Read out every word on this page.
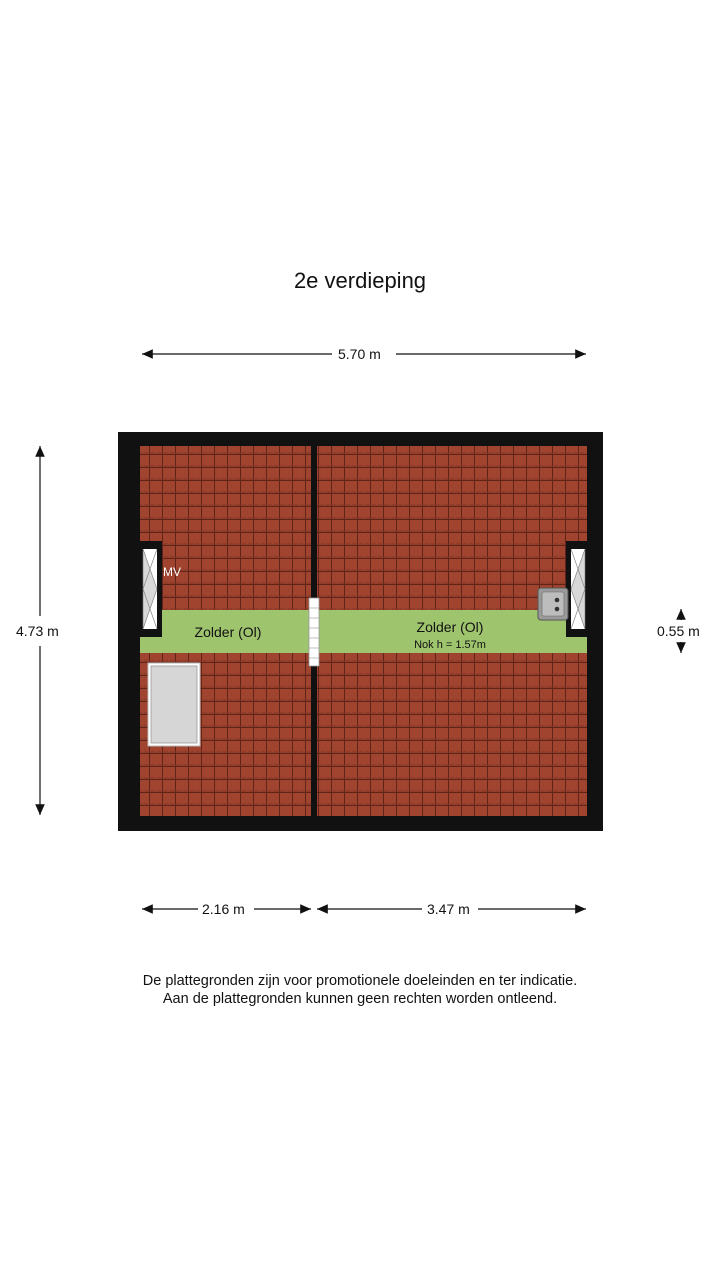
2e verdieping
MV
Zolder (Ol)	Zolder (Ol)
Nok h = 1.57m
5.70 m
4.73 m	0.55 m
2.16 m	3.47 m
De plattegronden zijn voor promotionele doeleinden en ter indicatie.
Aan de plattegronden kunnen geen rechten worden ontleend.
